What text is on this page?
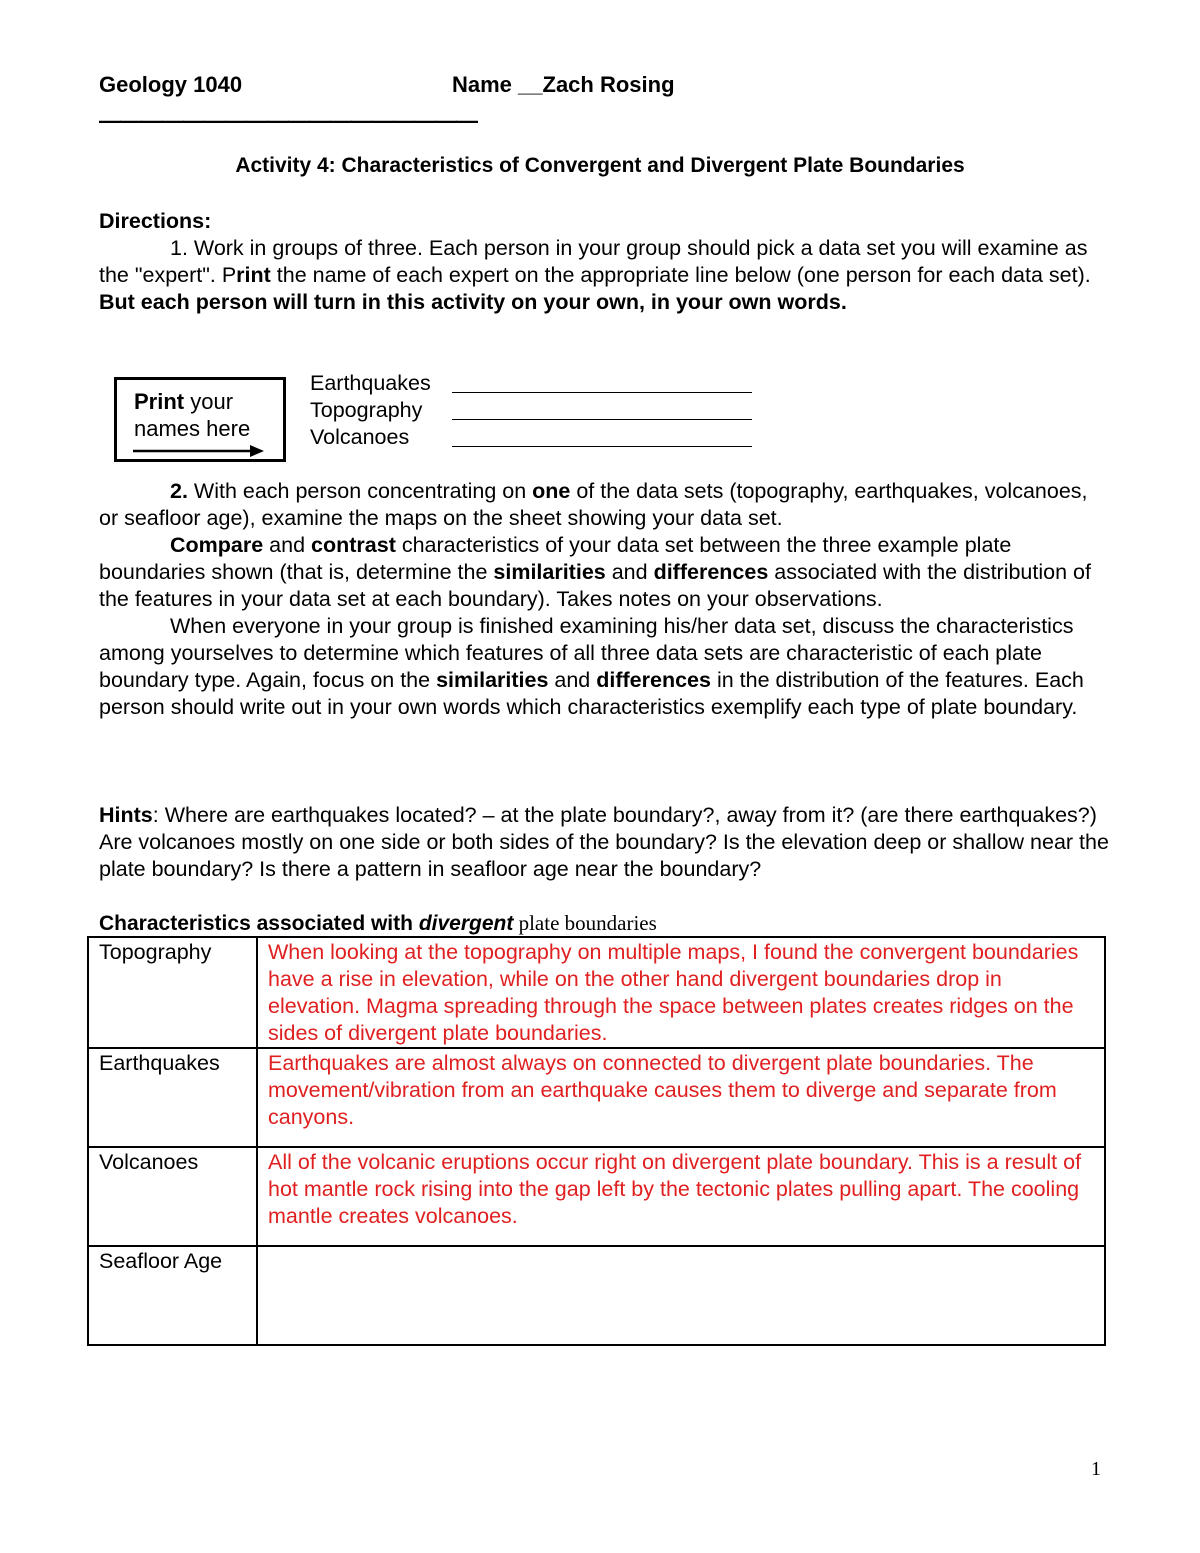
Geology 1040	Name __Zach Rosing
——————————————————
Activity 4: Characteristics of Convergent and Divergent Plate Boundaries

Directions:

1. Work in groups of three. Each person in your group should pick a data set you will examine as the "expert". Print the name of each expert on the appropriate line below (one person for each data set). But each person will turn in this activity on your own, in your own words.

Print your
names here
Earthquakes
Topography
Volcanoes

2. With each person concentrating on one of the data sets (topography, earthquakes, volcanoes, or seafloor age), examine the maps on the sheet showing your data set.

Compare and contrast characteristics of your data set between the three example plate boundaries shown (that is, determine the similarities and differences associated with the distribution of the features in your data set at each boundary). Takes notes on your observations.

When everyone in your group is finished examining his/her data set, discuss the characteristics among yourselves to determine which features of all three data sets are characteristic of each plate boundary type. Again, focus on the similarities and differences in the distribution of the features. Each person should write out in your own words which characteristics exemplify each type of plate boundary.

Hints: Where are earthquakes located? – at the plate boundary?, away from it? (are there earthquakes?) Are volcanoes mostly on one side or both sides of the boundary? Is the elevation deep or shallow near the plate boundary? Is there a pattern in seafloor age near the boundary?

Characteristics associated with divergent plate boundaries
Topography	When looking at the topography on multiple maps, I found the convergent boundaries have a rise in elevation, while on the other hand divergent boundaries drop in elevation. Magma spreading through the space between plates creates ridges on the sides of divergent plate boundaries.
Earthquakes	Earthquakes are almost always on connected to divergent plate boundaries. The movement/vibration from an earthquake causes them to diverge and separate from canyons.
Volcanoes	All of the volcanic eruptions occur right on divergent plate boundary. This is a result of hot mantle rock rising into the gap left by the tectonic plates pulling apart. The cooling mantle creates volcanoes.
Seafloor Age	
1
